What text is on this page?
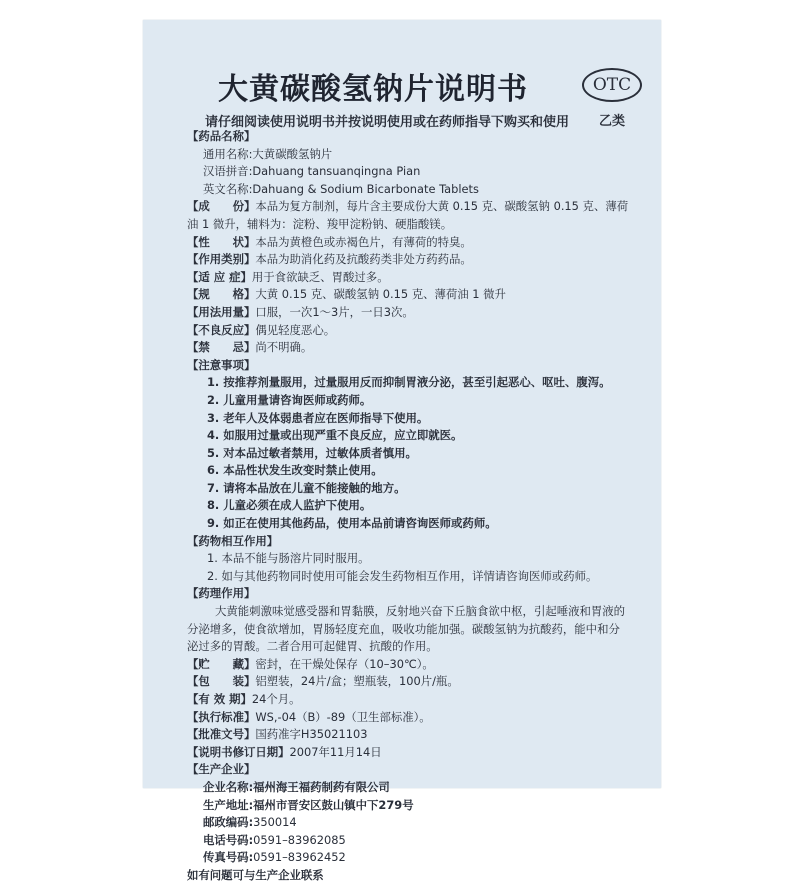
大黄碳酸氢钠片说明书	OTC
乙类
请仔细阅读使用说明书并按说明使用或在药师指导下购买和使用
【药品名称】
通用名称:大黄碳酸氢钠片
汉语拼音:Dahuang tansuanqingna Pian
英文名称:Dahuang & Sodium Bicarbonate Tablets
【成　　份】本品为复方制剂，每片含主要成份大黄 0.15 克、碳酸氢钠 0.15 克、薄荷
油 1 微升，辅料为：淀粉、羧甲淀粉钠、硬脂酸镁。
【性　　状】本品为黄橙色或赤褐色片，有薄荷的特臭。
【作用类别】本品为助消化药及抗酸药类非处方药药品。
【适 应 症】用于食欲缺乏、胃酸过多。
【规　　格】大黄 0.15 克、碳酸氢钠 0.15 克、薄荷油 1 微升
【用法用量】口服，一次1～3片，一日3次。
【不良反应】偶见轻度恶心。
【禁　　忌】尚不明确。
【注意事项】
1. 按推荐剂量服用，过量服用反而抑制胃液分泌，甚至引起恶心、呕吐、腹泻。
2. 儿童用量请咨询医师或药师。
3. 老年人及体弱患者应在医师指导下使用。
4. 如服用过量或出现严重不良反应，应立即就医。
5. 对本品过敏者禁用，过敏体质者慎用。
6. 本品性状发生改变时禁止使用。
7. 请将本品放在儿童不能接触的地方。
8. 儿童必须在成人监护下使用。
9. 如正在使用其他药品，使用本品前请咨询医师或药师。
【药物相互作用】
1. 本品不能与肠溶片同时服用。
2. 如与其他药物同时使用可能会发生药物相互作用，详情请咨询医师或药师。
【药理作用】
大黄能刺激味觉感受器和胃黏膜，反射地兴奋下丘脑食欲中枢，引起唾液和胃液的
分泌增多，使食欲增加，胃肠轻度充血，吸收功能加强。碳酸氢钠为抗酸药，能中和分
泌过多的胃酸。二者合用可起健胃、抗酸的作用。
【贮　　藏】密封，在干燥处保存（10–30℃）。
【包　　装】铝塑装，24片/盒；塑瓶装，100片/瓶。
【有 效 期】24个月。
【执行标准】WS,-04（B）-89（卫生部标准）。
【批准文号】国药准字H35021103
【说明书修订日期】2007年11月14日
【生产企业】
企业名称:福州海王福药制药有限公司
生产地址:福州市晋安区鼓山镇中下279号
邮政编码:350014
电话号码:0591–83962085
传真号码:0591–83962452
如有问题可与生产企业联系
